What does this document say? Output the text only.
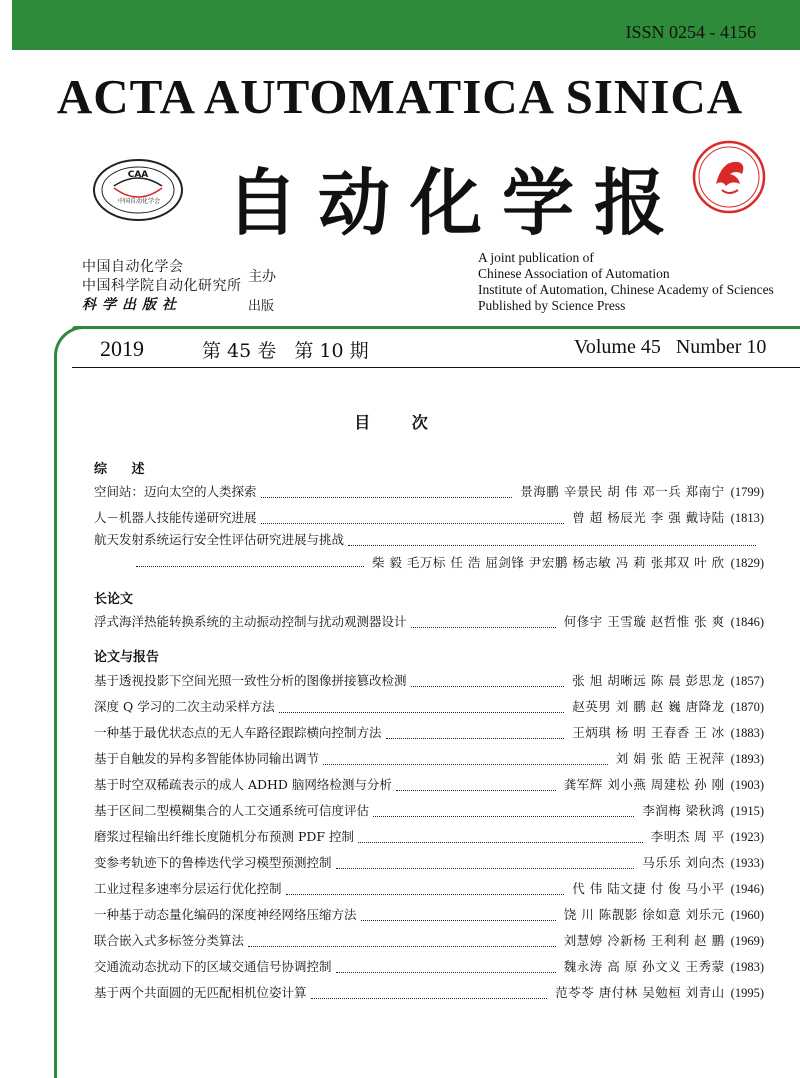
ISSN 0254 - 4156
ACTA AUTOMATICA SINICA
CAA
中国自动化学会 自动化学报
中国自动化学会
中国科学院自动化研究所
科学出版社
主办
出版
A joint publication of
Chinese Association of Automation
Institute of Automation, Chinese Academy of Sciences
Published by Science Press
2019	第 45 卷   第 10 期	Volume 45   Number 10
目 次
综 述
空间站：迈向太空的人类探索	景海鹏 辛景民 胡 伟 邓一兵 郑南宁 (1799)
人－机器人技能传递研究进展	曾 超 杨辰光 李 强 戴诗陆 (1813)
航天发射系统运行安全性评估研究进展与挑战
柴 毅 毛万标 任 浩 屈剑锋 尹宏鹏 杨志敏 冯 莉 张邦双 叶 欣 (1829)
长论文
浮式海洋热能转换系统的主动振动控制与扰动观测器设计	何俢宇 王雪璇 赵哲惟 张 爽 (1846)
论文与报告
基于透视投影下空间光照一致性分析的图像拼接篡改检测	张 旭 胡晰远 陈 晨 彭思龙 (1857)
深度 Q 学习的二次主动采样方法	赵英男 刘 鹏 赵 巍 唐降龙 (1870)
一种基于最优状态点的无人车路径跟踪横向控制方法	王炳琪 杨 明 王春香 王 冰 (1883)
基于自触发的异构多智能体协同输出调节	刘 娟 张 皓 王祝萍 (1893)
基于时空双稀疏表示的成人 ADHD 脑网络检测与分析	龚军辉 刘小燕 周建松 孙 刚 (1903)
基于区间二型模糊集合的人工交通系统可信度评估	李润梅 梁秋鸿 (1915)
磨浆过程输出纤维长度随机分布预测 PDF 控制	李明杰 周 平 (1923)
变参考轨迹下的鲁棒迭代学习模型预测控制	马乐乐 刘向杰 (1933)
工业过程多速率分层运行优化控制	代 伟 陆文捷 付 俊 马小平 (1946)
一种基于动态量化编码的深度神经网络压缩方法	饶 川 陈靓影 徐如意 刘乐元 (1960)
联合嵌入式多标签分类算法	刘慧婷 冷新杨 王利利 赵 鹏 (1969)
交通流动态扰动下的区域交通信号协调控制	魏永涛 高 原 孙文义 王秀蒙 (1983)
基于两个共面圆的无匹配相机位姿计算	范苓苓 唐付林 吴勉桓 刘青山 (1995)
